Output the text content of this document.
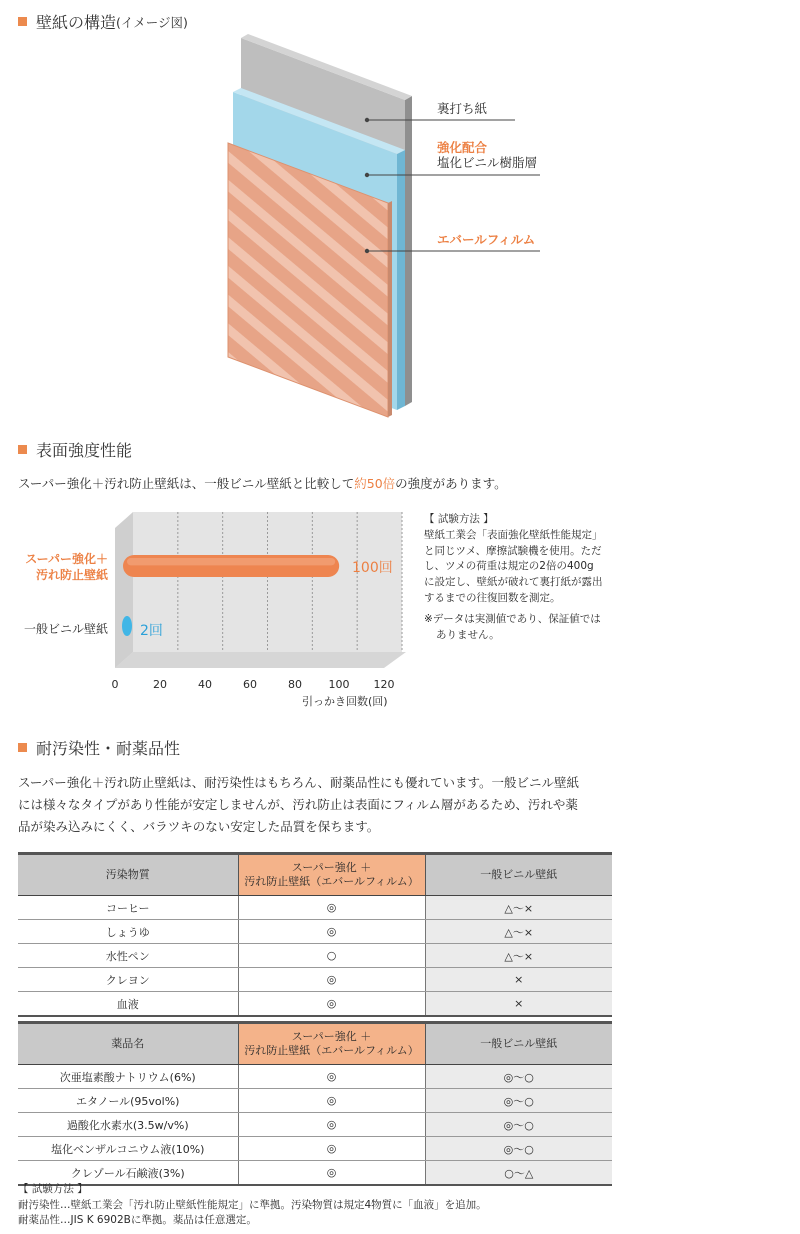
壁紙の構造 (イメージ図)
裏打ち紙
強化配合
塩化ビニル樹脂層
エバールフィルム
表面強度性能
スーパー強化＋汚れ防止壁紙は、一般ビニル壁紙と比較して約50倍の強度があります。
スーパー強化＋
汚れ防止壁紙
一般ビニル壁紙
100回
2回
0	20	40	60	80 100 120
引っかき回数(回)

【 試験方法 】

壁紙工業会「表面強化壁紙性能規定」

と同じツメ、摩擦試験機を使用。ただ

し、ツメの荷重は規定の2倍の400g

に設定し、壁紙が破れて裏打紙が露出

するまでの往復回数を測定。

※データは実測値であり、保証値では
ありません。

耐汚染性・耐薬品性
スーパー強化＋汚れ防止壁紙は、耐汚染性はもちろん、耐薬品性にも優れています。一般ビニル壁紙
には様々なタイプがあり性能が安定しませんが、汚れ防止は表面にフィルム層があるため、汚れや薬
品が染み込みにくく、バラツキのない安定した品質を保ちます。
汚染物質	スーパー強化 ＋
汚れ防止壁紙（エバールフィルム）	一般ビニル壁紙
コーヒー	◎	△～×
しょうゆ	◎	△～×
水性ペン	○	△～×
クレヨン	◎	×
血液	◎	×
薬品名	スーパー強化 ＋
汚れ防止壁紙（エバールフィルム）	一般ビニル壁紙
次亜塩素酸ナトリウム(6%)	◎	◎～○
エタノール(95vol%)	◎	◎～○
過酸化水素水(3.5w/v%)	◎	◎～○
塩化ベンザルコニウム液(10%)	◎	◎～○
クレゾール石鹸液(3%)	◎	○～△

【 試験方法 】

耐汚染性…壁紙工業会「汚れ防止壁紙性能規定」に準拠。汚染物質は規定4物質に「血液」を追加。

耐薬品性…JIS K 6902Bに準拠。薬品は任意選定。
